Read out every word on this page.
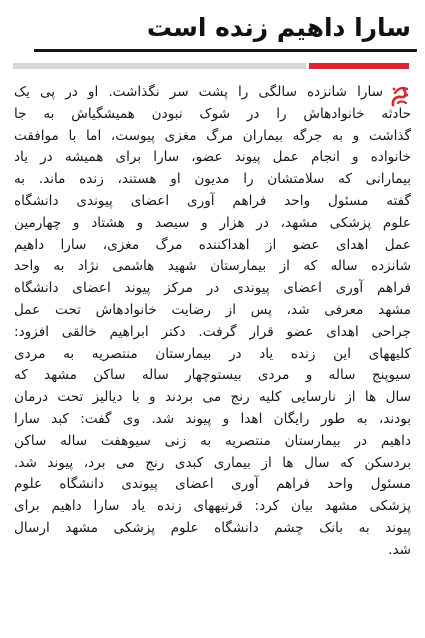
سارا داهیم زنده است
سارا شانزده سالگی را پشت سر نگذاشت. او در پی یک
حادثه خانوادهاش را در شوک نبودن همیشگیاش به جا
گذاشت و به جرگه بیماران مرگ مغزی پیوست، اما با موافقت
خانواده و انجام عمل پیوند عضو، سارا برای همیشه در یاد
بیمارانی که سلامتشان را مدیون او هستند، زنده ماند. به
گفته مسئول واحد فراهم آوری اعضای پیوندی دانشگاه
علوم پزشکی مشهد، در هزار و سیصد و هشتاد و چهارمین
عمل اهدای عضو از اهداکننده مرگ مغزی، سارا داهیم
شانزده ساله که از بیمارستان شهید هاشمی نژاد به واحد
فراهم آوری اعضای پیوندی در مرکز پیوند اعضای دانشگاه
مشهد معرفی شد، پس از رضایت خانوادهاش تحت عمل
جراحی اهدای عضو قرار گرفت. دکتر ابراهیم خالقی افزود:
کلیههای این زنده یاد در بیمارستان منتصریه به مردی
سیوپنج ساله و مردی بیستوچهار ساله ساکن مشهد که
سال ها از نارسایی کلیه رنج می بردند و با دیالیز تحت درمان
بودند، به طور رایگان اهدا و پیوند شد. وی گفت: کبد سارا
داهیم در بیمارستان منتصریه به زنی سیوهفت ساله ساکن
بردسکن که سال ها از بیماری کبدی رنج می برد، پیوند شد.
مسئول واحد فراهم آوری اعضای پیوندی دانشگاه علوم
پزشکی مشهد بیان کرد: قرنیههای زنده یاد سارا داهیم برای
پیوند به بانک چشم دانشگاه علوم پزشکی مشهد ارسال
شد.
